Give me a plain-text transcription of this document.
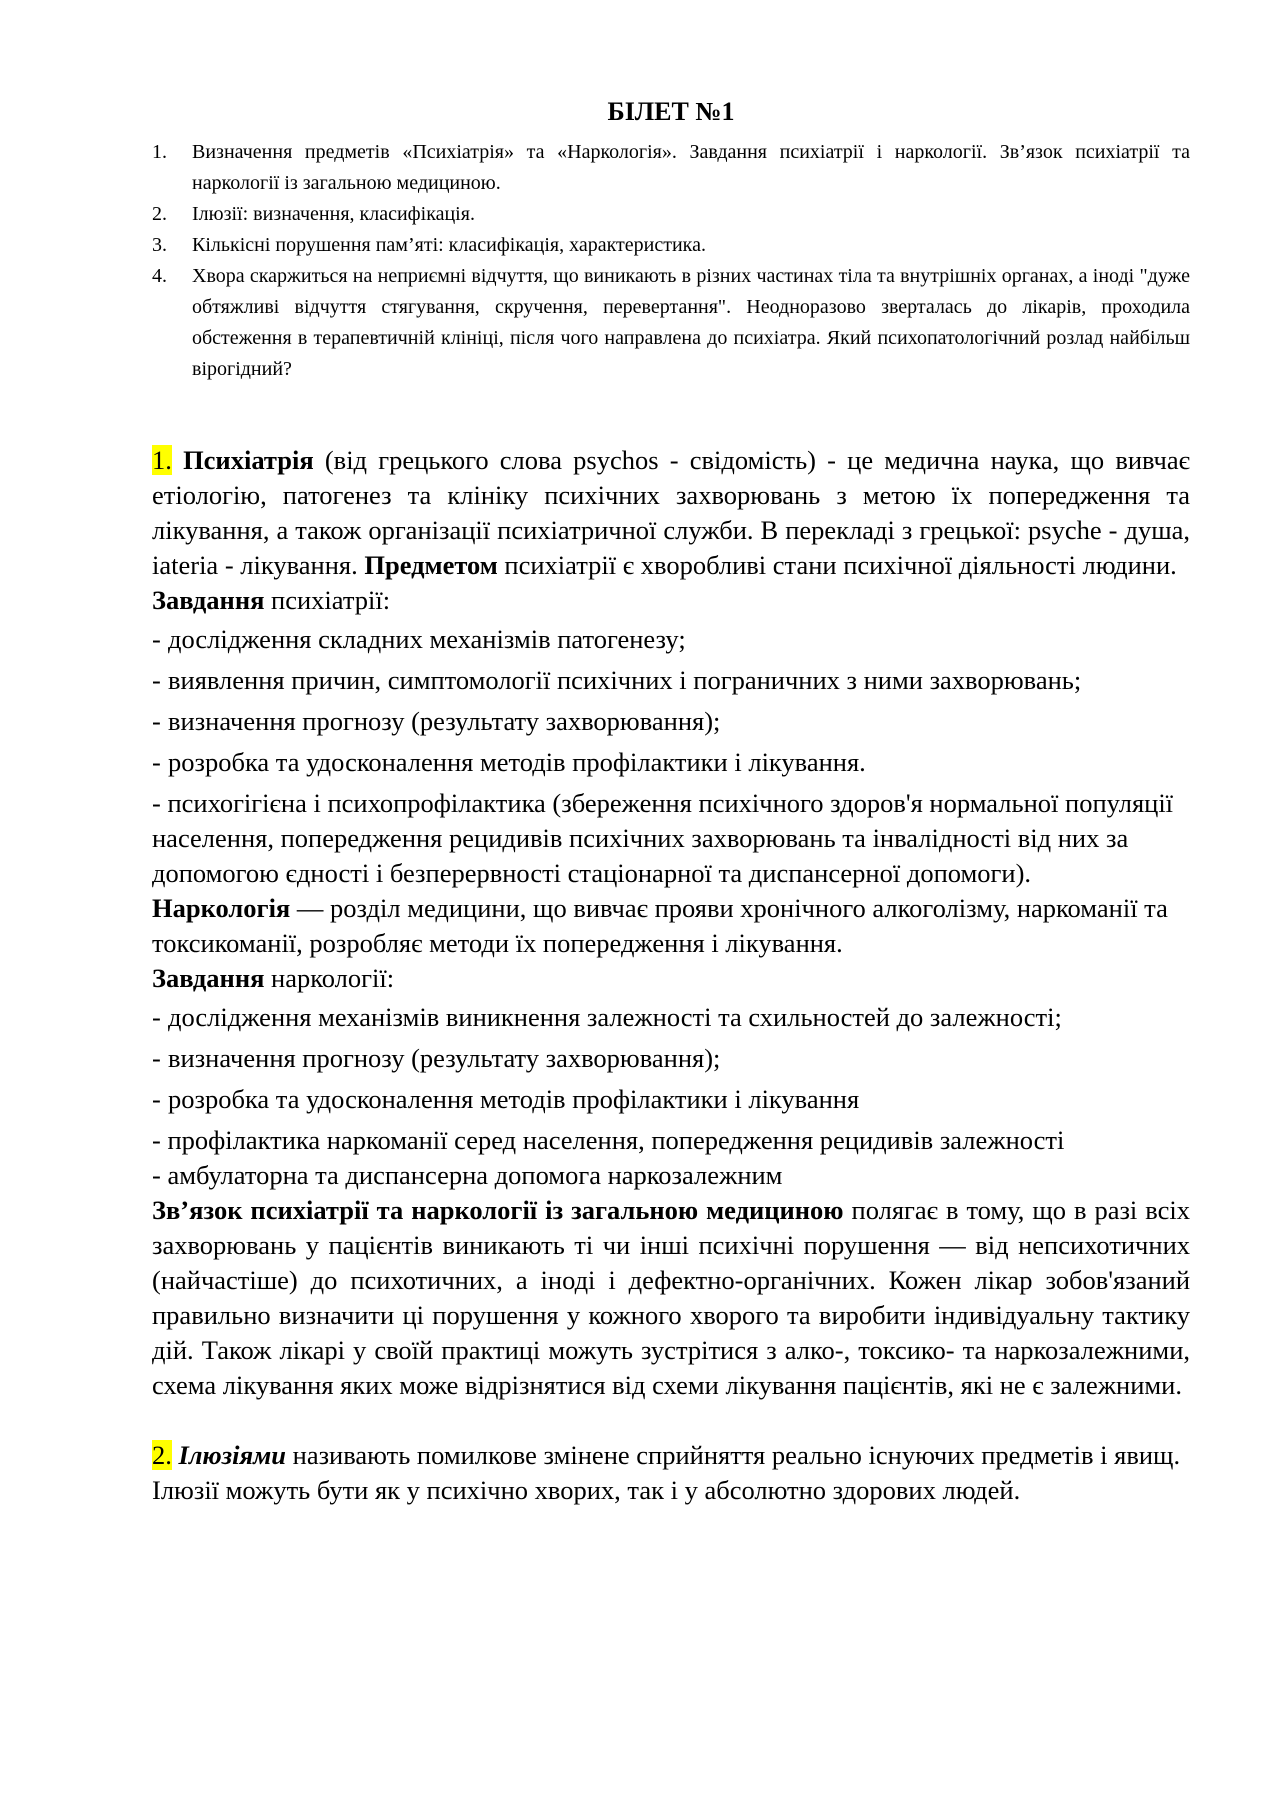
БІЛЕТ №1
1. Визначення предметів «Психіатрія» та «Наркологія». Завдання психіатрії і наркології. Зв’язок психіатрії та наркології із загальною медициною.
2. Ілюзії: визначення, класифікація.
3. Кількісні порушення пам’яті: класифікація, характеристика.
4. Хвора скаржиться на неприємні відчуття, що виникають в різних частинах тіла та внутрішніх органах, а іноді "дуже обтяжливі відчуття стягування, скручення, перевертання". Неодноразово зверталась до лікарів, проходила обстеження в терапевтичній клініці, після чого направлена до психіатра. Який психопатологічний розлад найбільш вірогідний?

1. Психіатрія (від грецького слова psychos - свідомість) - це медична наука, що вивчає етіологію, патогенез та клініку психічних захворювань з метою їх попередження та лікування, а також організації психіатричної служби. В перекладі з грецької: psyche - душа, iateria - лікування. Предметом психіатрії є хворобливі стани психічної діяльності людини.

Завдання психіатрії:

- дослідження складних механізмів патогенезу;
- виявлення причин, симптомології психічних і пограничних з ними захворювань;
- визначення прогнозу (результату захворювання);
- розробка та удосконалення методів профілактики і лікування.

- психогігієна і психопрофілактика (збереження психічного здоров'я нормальної популяції населення, попередження рецидивів психічних захворювань та інвалідності від них за допомогою єдності і безперервності стаціонарної та диспансерної допомоги).

Наркологія — розділ медицини, що вивчає прояви хронічного алкоголізму, наркоманії та токсикоманії, розробляє методи їх попередження і лікування.

Завдання наркології:

- дослідження механізмів виникнення залежності та схильностей до залежності;
- визначення прогнозу (результату захворювання);
- розробка та удосконалення методів профілактики і лікування

- профілактика наркоманії серед населення, попередження рецидивів залежності

- амбулаторна та диспансерна допомога наркозалежним

Зв’язок психіатрії та наркології із загальною медициною полягає в тому, що в разі всіх захворювань у пацієнтів виникають ті чи інші психічні порушення — від непсихотичних (найчастіше) до психотичних, а іноді і дефектно-органічних. Кожен лікар зобов'язаний правильно визначити ці порушення у кожного хворого та виробити індивідуальну тактику дій. Також лікарі у своїй практиці можуть зустрітися з алко-, токсико- та наркозалежними, схема лікування яких може відрізнятися від схеми лікування пацієнтів, які не є залежними.

2. Ілюзіями називають помилкове змінене сприйняття реально існуючих предметів і явищ. Ілюзії можуть бути як у психічно хворих, так і у абсолютно здорових людей.
